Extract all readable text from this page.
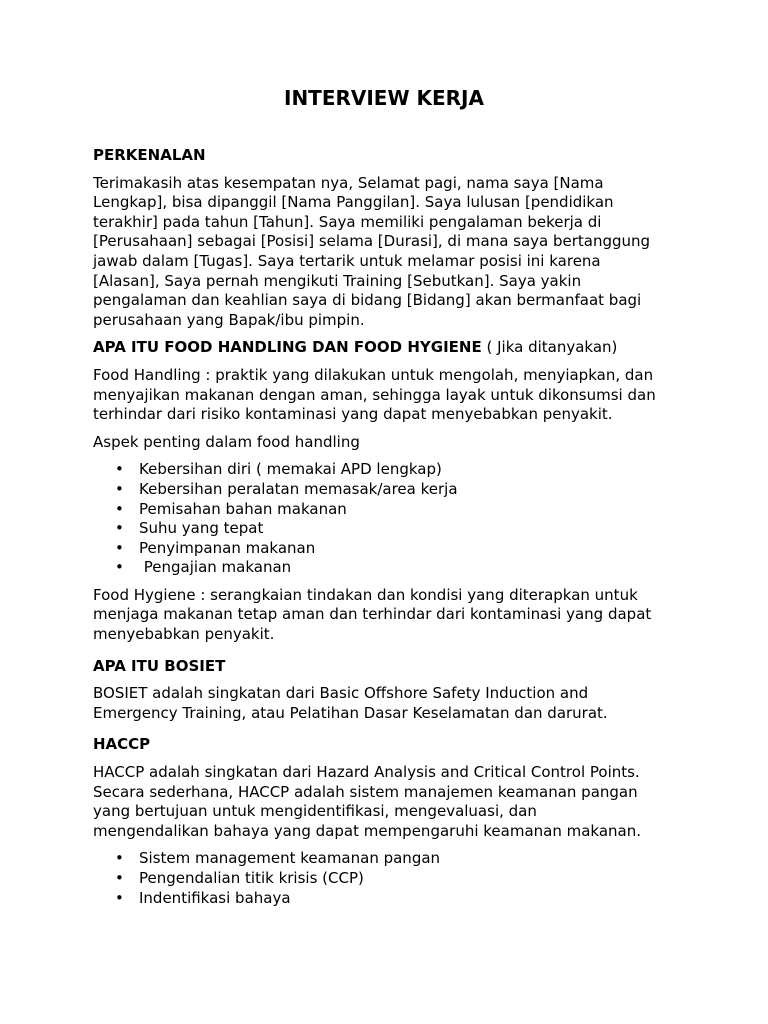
INTERVIEW KERJA
PERKENALAN

Terimakasih atas kesempatan nya, Selamat pagi, nama saya [Nama
Lengkap], bisa dipanggil [Nama Panggilan]. Saya lulusan [pendidikan
terakhir] pada tahun [Tahun]. Saya memiliki pengalaman bekerja di
[Perusahaan] sebagai [Posisi] selama [Durasi], di mana saya bertanggung
jawab dalam [Tugas]. Saya tertarik untuk melamar posisi ini karena
[Alasan], Saya pernah mengikuti Training [Sebutkan]. Saya yakin
pengalaman dan keahlian saya di bidang [Bidang] akan bermanfaat bagi
perusahaan yang Bapak/ibu pimpin.

APA ITU FOOD HANDLING DAN FOOD HYGIENE ( Jika ditanyakan)

Food Handling : praktik yang dilakukan untuk mengolah, menyiapkan, dan
menyajikan makanan dengan aman, sehingga layak untuk dikonsumsi dan
terhindar dari risiko kontaminasi yang dapat menyebabkan penyakit.

Aspek penting dalam food handling

• Kebersihan diri ( memakai APD lengkap)
• Kebersihan peralatan memasak/area kerja
• Pemisahan bahan makanan
• Suhu yang tepat
• Penyimpanan makanan
• Pengajian makanan

Food Hygiene : serangkaian tindakan dan kondisi yang diterapkan untuk
menjaga makanan tetap aman dan terhindar dari kontaminasi yang dapat
menyebabkan penyakit.

APA ITU BOSIET

BOSIET adalah singkatan dari Basic Offshore Safety Induction and
Emergency Training, atau Pelatihan Dasar Keselamatan dan darurat.

HACCP

HACCP adalah singkatan dari Hazard Analysis and Critical Control Points.
Secara sederhana, HACCP adalah sistem manajemen keamanan pangan
yang bertujuan untuk mengidentifikasi, mengevaluasi, dan
mengendalikan bahaya yang dapat mempengaruhi keamanan makanan.

• Sistem management keamanan pangan
• Pengendalian titik krisis (CCP)
• Indentifikasi bahaya
